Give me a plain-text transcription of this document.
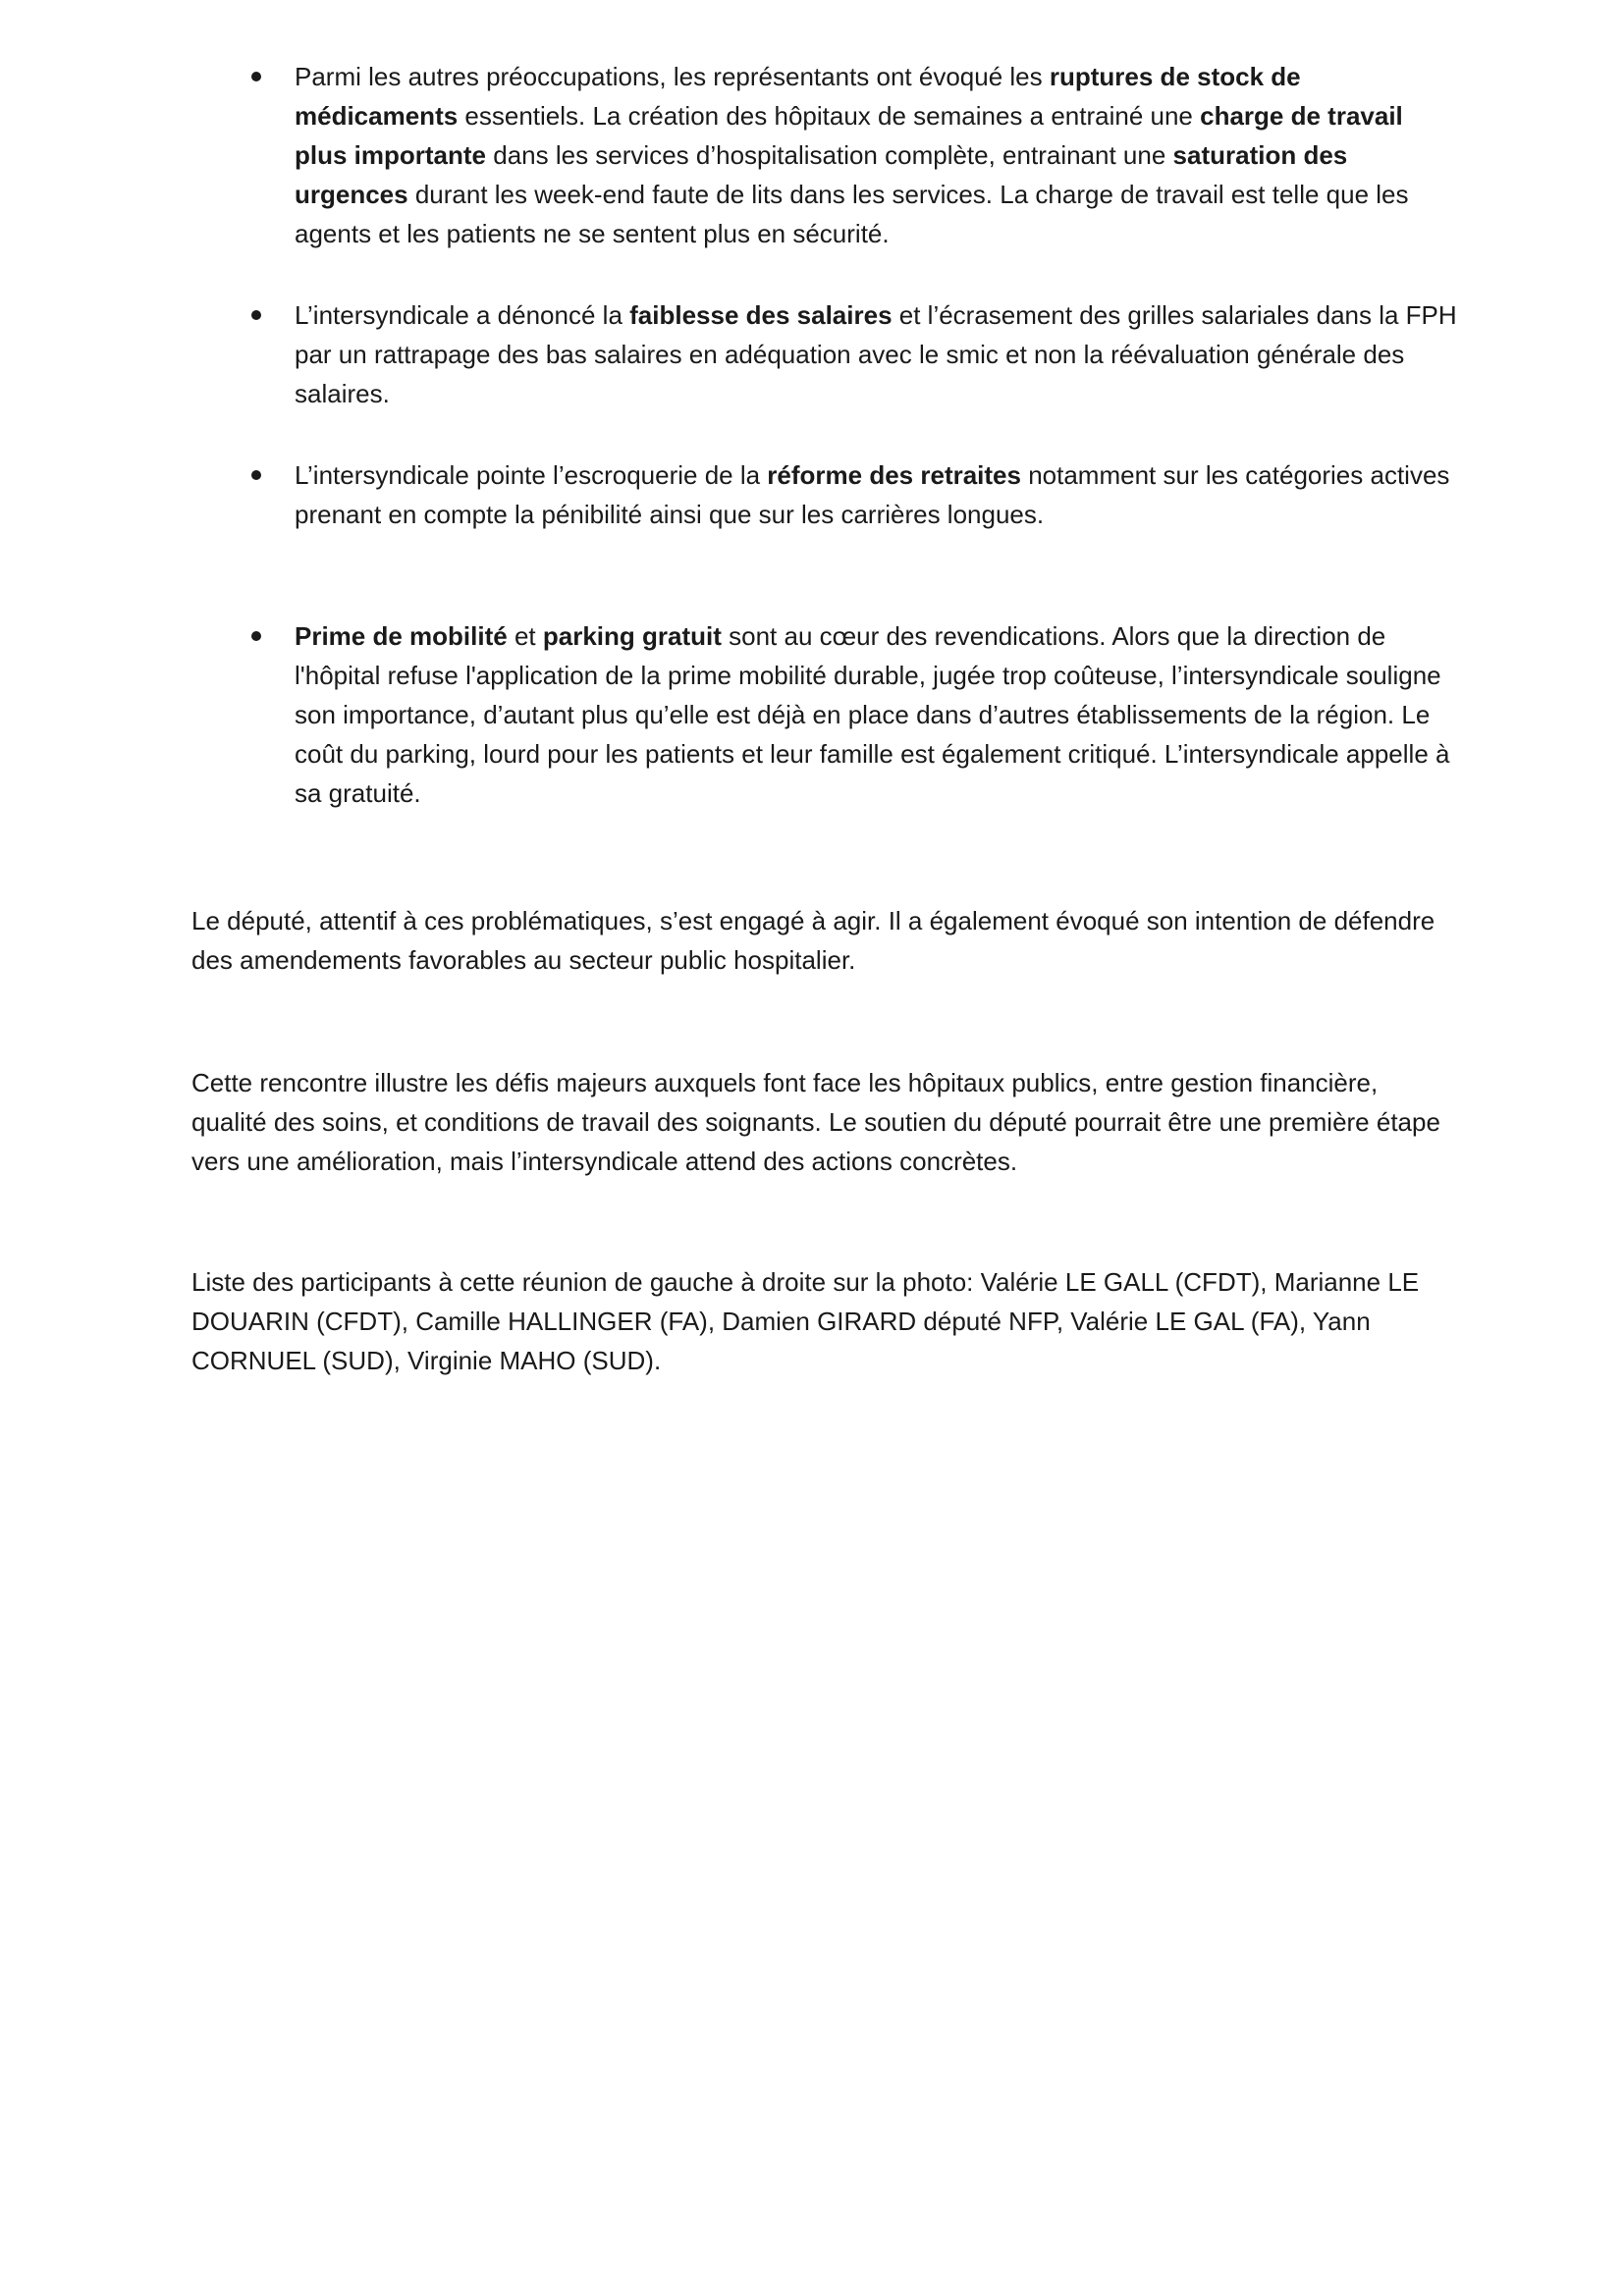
Parmi les autres préoccupations, les représentants ont évoqué les ruptures de stock de médicaments essentiels. La création des hôpitaux de semaines a entrainé une charge de travail plus importante dans les services d’hospitalisation complète, entrainant une saturation des urgences durant les week-end faute de lits dans les services. La charge de travail est telle que les agents et les patients ne se sentent plus en sécurité.
L’intersyndicale a dénoncé la faiblesse des salaires et l’écrasement des grilles salariales dans la FPH par un rattrapage des bas salaires en adéquation avec le smic et non la réévaluation générale des salaires.
L’intersyndicale pointe l’escroquerie de la réforme des retraites notamment sur les catégories actives prenant en compte la pénibilité ainsi que sur les carrières longues.
Prime de mobilité et parking gratuit sont au cœur des revendications. Alors que la direction de l'hôpital refuse l'application de la prime mobilité durable, jugée trop coûteuse, l’intersyndicale souligne son importance, d’autant plus qu’elle est déjà en place dans d’autres établissements de la région. Le coût du parking, lourd pour les patients et leur famille est également critiqué. L’intersyndicale appelle à sa gratuité.

Le député, attentif à ces problématiques, s’est engagé à agir. Il a également évoqué son intention de défendre des amendements favorables au secteur public hospitalier.

Cette rencontre illustre les défis majeurs auxquels font face les hôpitaux publics, entre gestion financière, qualité des soins, et conditions de travail des soignants. Le soutien du député pourrait être une première étape vers une amélioration, mais l’intersyndicale attend des actions concrètes.

Liste des participants à cette réunion de gauche à droite sur la photo: Valérie LE GALL (CFDT), Marianne LE DOUARIN (CFDT), Camille HALLINGER (FA), Damien GIRARD député NFP, Valérie LE GAL (FA), Yann CORNUEL (SUD), Virginie MAHO (SUD).
